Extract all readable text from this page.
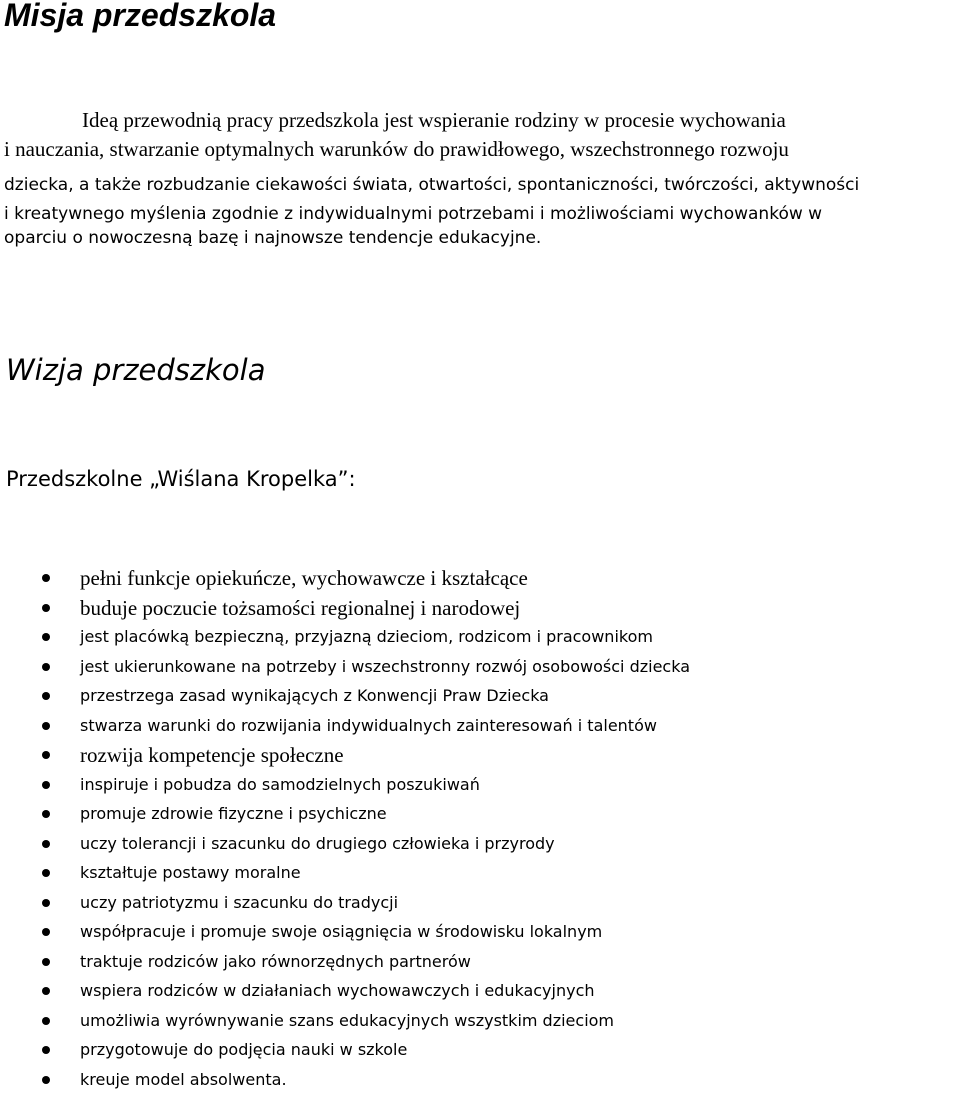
Misja przedszkola
Ideą przewodnią pracy przedszkola jest wspieranie rodziny w procesie wychowania
i nauczania, stwarzanie optymalnych warunków do prawidłowego, wszechstronnego rozwoju
dziecka, a także rozbudzanie ciekawości świata, otwartości, spontaniczności, twórczości, aktywności
i kreatywnego myślenia zgodnie z indywidualnymi potrzebami i możliwościami wychowanków w
oparciu o nowoczesną bazę i najnowsze tendencje edukacyjne.
Wizja przedszkola
Przedszkolne „Wiślana Kropelka”:
pełni funkcje opiekuńcze, wychowawcze i kształcące
buduje poczucie tożsamości regionalnej i narodowej
jest placówką bezpieczną, przyjazną dzieciom, rodzicom i pracownikom
jest ukierunkowane na potrzeby i wszechstronny rozwój osobowości dziecka
przestrzega zasad wynikających z Konwencji Praw Dziecka
stwarza warunki do rozwijania indywidualnych zainteresowań i talentów
rozwija kompetencje społeczne
inspiruje i pobudza do samodzielnych poszukiwań
promuje zdrowie fizyczne i psychiczne
uczy tolerancji i szacunku do drugiego człowieka i przyrody
kształtuje postawy moralne
uczy patriotyzmu i szacunku do tradycji
współpracuje i promuje swoje osiągnięcia w środowisku lokalnym
traktuje rodziców jako równorzędnych partnerów
wspiera rodziców w działaniach wychowawczych i edukacyjnych
umożliwia wyrównywanie szans edukacyjnych wszystkim dzieciom
przygotowuje do podjęcia nauki w szkole
kreuje model absolwenta.
